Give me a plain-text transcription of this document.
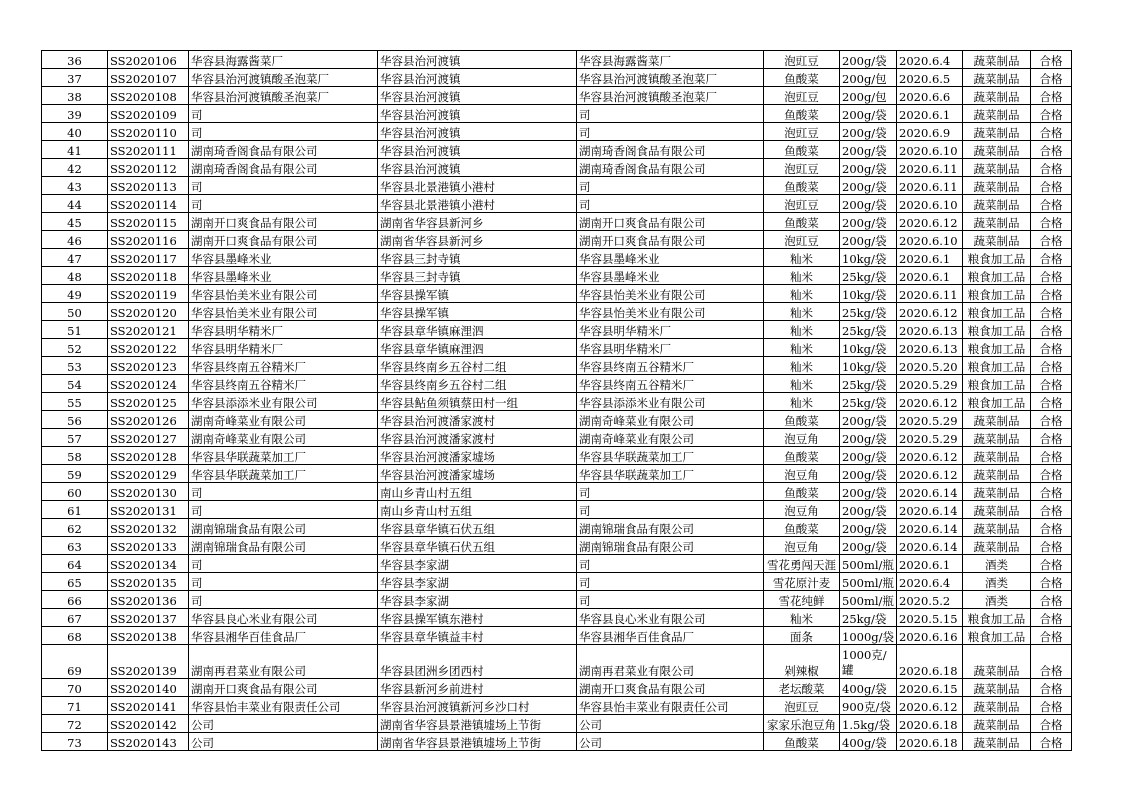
36	SS2020106	华容县海露酱菜厂	华容县治河渡镇	华容县海露酱菜厂	泡豇豆	200g/袋	2020.6.4	蔬菜制品	合格
37	SS2020107	华容县治河渡镇酸圣泡菜厂	华容县治河渡镇	华容县治河渡镇酸圣泡菜厂	鱼酸菜	200g/包	2020.6.5	蔬菜制品	合格
38	SS2020108	华容县治河渡镇酸圣泡菜厂	华容县治河渡镇	华容县治河渡镇酸圣泡菜厂	泡豇豆	200g/包	2020.6.6	蔬菜制品	合格
39	SS2020109	司	华容县治河渡镇	司	鱼酸菜	200g/袋	2020.6.1	蔬菜制品	合格
40	SS2020110	司	华容县治河渡镇	司	泡豇豆	200g/袋	2020.6.9	蔬菜制品	合格
41	SS2020111	湖南琦香阁食品有限公司	华容县治河渡镇	湖南琦香阁食品有限公司	鱼酸菜	200g/袋	2020.6.10	蔬菜制品	合格
42	SS2020112	湖南琦香阁食品有限公司	华容县治河渡镇	湖南琦香阁食品有限公司	泡豇豆	200g/袋	2020.6.11	蔬菜制品	合格
43	SS2020113	司	华容县北景港镇小港村	司	鱼酸菜	200g/袋	2020.6.11	蔬菜制品	合格
44	SS2020114	司	华容县北景港镇小港村	司	泡豇豆	200g/袋	2020.6.10	蔬菜制品	合格
45	SS2020115	湖南开口爽食品有限公司	湖南省华容县新河乡	湖南开口爽食品有限公司	鱼酸菜	200g/袋	2020.6.12	蔬菜制品	合格
46	SS2020116	湖南开口爽食品有限公司	湖南省华容县新河乡	湖南开口爽食品有限公司	泡豇豆	200g/袋	2020.6.10	蔬菜制品	合格
47	SS2020117	华容县墨峰米业	华容县三封寺镇	华容县墨峰米业	籼米	10kg/袋	2020.6.1	粮食加工品	合格
48	SS2020118	华容县墨峰米业	华容县三封寺镇	华容县墨峰米业	籼米	25kg/袋	2020.6.1	粮食加工品	合格
49	SS2020119	华容县怡美米业有限公司	华容县操军镇	华容县怡美米业有限公司	籼米	10kg/袋	2020.6.11	粮食加工品	合格
50	SS2020120	华容县怡美米业有限公司	华容县操军镇	华容县怡美米业有限公司	籼米	25kg/袋	2020.6.12	粮食加工品	合格
51	SS2020121	华容县明华精米厂	华容县章华镇麻浬泗	华容县明华精米厂	籼米	25kg/袋	2020.6.13	粮食加工品	合格
52	SS2020122	华容县明华精米厂	华容县章华镇麻浬泗	华容县明华精米厂	籼米	10kg/袋	2020.6.13	粮食加工品	合格
53	SS2020123	华容县终南五谷精米厂	华容县终南乡五谷村二组	华容县终南五谷精米厂	籼米	10kg/袋	2020.5.20	粮食加工品	合格
54	SS2020124	华容县终南五谷精米厂	华容县终南乡五谷村二组	华容县终南五谷精米厂	籼米	25kg/袋	2020.5.29	粮食加工品	合格
55	SS2020125	华容县添添米业有限公司	华容县鲇鱼须镇蔡田村一组	华容县添添米业有限公司	籼米	25kg/袋	2020.6.12	粮食加工品	合格
56	SS2020126	湖南奇峰菜业有限公司	华容县治河渡潘家渡村	湖南奇峰菜业有限公司	鱼酸菜	200g/袋	2020.5.29	蔬菜制品	合格
57	SS2020127	湖南奇峰菜业有限公司	华容县治河渡潘家渡村	湖南奇峰菜业有限公司	泡豆角	200g/袋	2020.5.29	蔬菜制品	合格
58	SS2020128	华容县华联蔬菜加工厂	华容县治河渡潘家墟场	华容县华联蔬菜加工厂	鱼酸菜	200g/袋	2020.6.12	蔬菜制品	合格
59	SS2020129	华容县华联蔬菜加工厂	华容县治河渡潘家墟场	华容县华联蔬菜加工厂	泡豆角	200g/袋	2020.6.12	蔬菜制品	合格
60	SS2020130	司	南山乡青山村五组	司	鱼酸菜	200g/袋	2020.6.14	蔬菜制品	合格
61	SS2020131	司	南山乡青山村五组	司	泡豆角	200g/袋	2020.6.14	蔬菜制品	合格
62	SS2020132	湖南锦瑞食品有限公司	华容县章华镇石伏五组	湖南锦瑞食品有限公司	鱼酸菜	200g/袋	2020.6.14	蔬菜制品	合格
63	SS2020133	湖南锦瑞食品有限公司	华容县章华镇石伏五组	湖南锦瑞食品有限公司	泡豆角	200g/袋	2020.6.14	蔬菜制品	合格
64	SS2020134	司	华容县李家湖	司	雪花勇闯天涯	500ml/瓶	2020.6.1	酒类	合格
65	SS2020135	司	华容县李家湖	司	雪花原汁麦	500ml/瓶	2020.6.4	酒类	合格
66	SS2020136	司	华容县李家湖	司	雪花纯鲜	500ml/瓶	2020.5.2	酒类	合格
67	SS2020137	华容县良心米业有限公司	华容县操军镇东港村	华容县良心米业有限公司	籼米	25kg/袋	2020.5.15	粮食加工品	合格
68	SS2020138	华容县湘华百佳食品厂	华容县章华镇益丰村	华容县湘华百佳食品厂	面条	1000g/袋	2020.6.16	粮食加工品	合格
69	SS2020139	湖南再君菜业有限公司	华容县团洲乡团西村	湖南再君菜业有限公司	剁辣椒	1000克/罐	2020.6.18	蔬菜制品	合格
70	SS2020140	湖南开口爽食品有限公司	华容县新河乡前进村	湖南开口爽食品有限公司	老坛酸菜	400g/袋	2020.6.15	蔬菜制品	合格
71	SS2020141	华容县怡丰菜业有限责任公司	华容县治河渡镇新河乡沙口村	华容县怡丰菜业有限责任公司	泡豇豆	900克/袋	2020.6.12	蔬菜制品	合格
72	SS2020142	公司	湖南省华容县景港镇墟场上节街	公司	家家乐泡豆角	1.5kg/袋	2020.6.18	蔬菜制品	合格
73	SS2020143	公司	湖南省华容县景港镇墟场上节街	公司	鱼酸菜	400g/袋	2020.6.18	蔬菜制品	合格
